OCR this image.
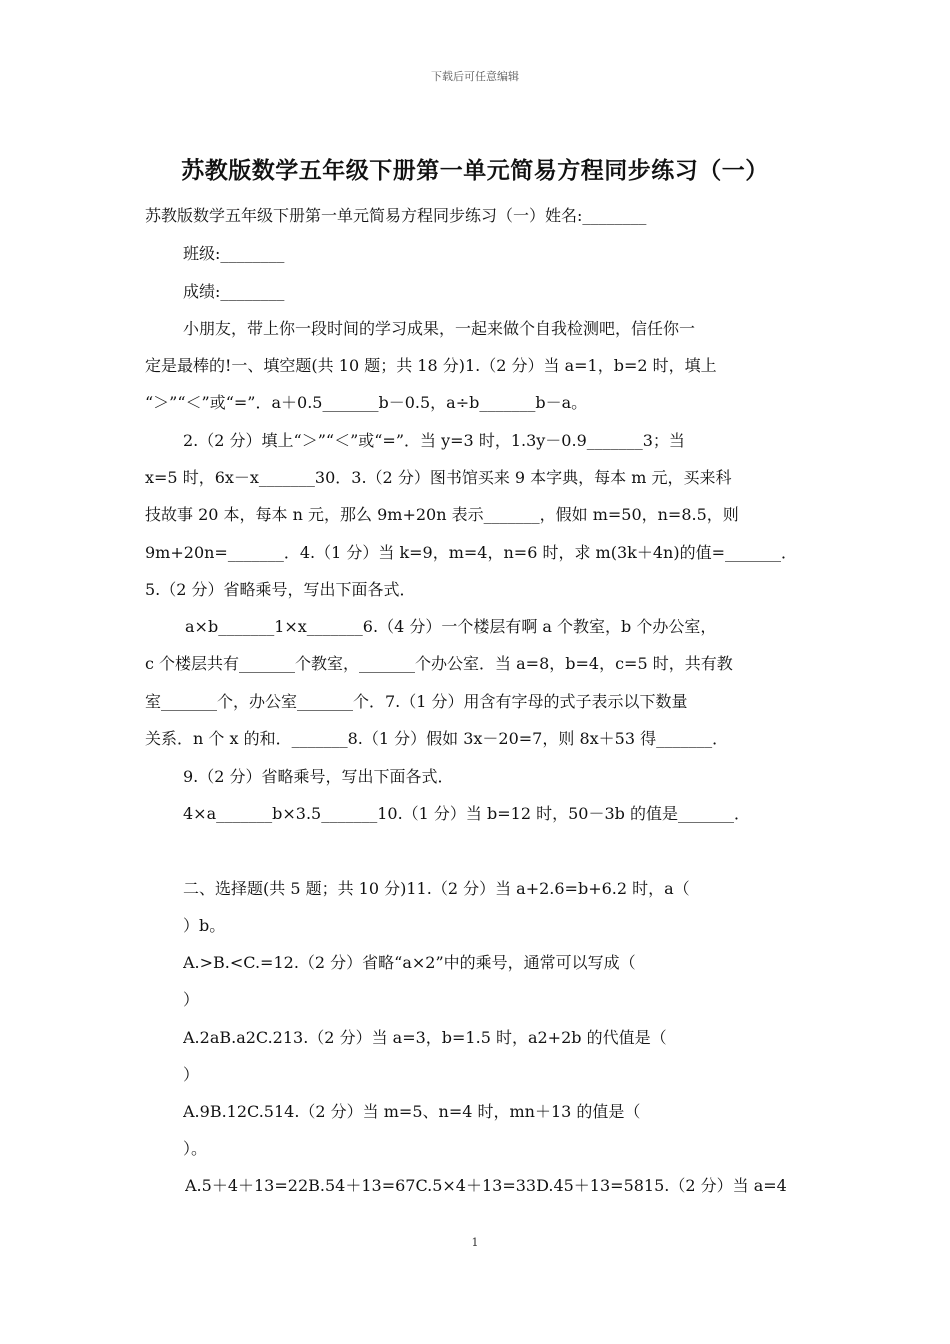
下载后可任意编辑
苏教版数学五年级下册第一单元简易方程同步练习（一）
苏教版数学五年级下册第一单元简易方程同步练习（一）姓名:________
班级:________
成绩:________
小朋友，带上你一段时间的学习成果，一起来做个自我检测吧，信任你一
定是最棒的!一、填空题(共 10 题；共 18 分)1.（2 分）当 a=1，b=2 时，填上
“＞”“＜”或“=”．a＋0.5_______b－0.5，a÷b_______b－a。
2.（2 分）填上“＞”“＜”或“=”．当 y=3 时，1.3y－0.9_______3；当
x=5 时，6x－x_______30．3.（2 分）图书馆买来 9 本字典，每本 m 元，买来科
技故事 20 本，每本 n 元，那么 9m+20n 表示_______，假如 m=50，n=8.5，则
9m+20n=_______．4.（1 分）当 k=9，m=4，n=6 时，求 m(3k＋4n)的值=_______．
5.（2 分）省略乘号，写出下面各式．
a×b_______1×x_______6.（4 分）一个楼层有啊 a 个教室，b 个办公室，
c 个楼层共有_______个教室，_______个办公室．当 a=8，b=4，c=5 时，共有教
室_______个，办公室_______个．7.（1 分）用含有字母的式子表示以下数量
关系．n 个 x 的和．_______8.（1 分）假如 3x－20=7，则 8x＋53 得_______．
9.（2 分）省略乘号，写出下面各式．
4×a_______b×3.5_______10.（1 分）当 b=12 时，50－3b 的值是_______．
二、选择题(共 5 题；共 10 分)11.（2 分）当 a+2.6=b+6.2 时，a（
）b。
A.>B.<C.=12.（2 分）省略“a×2”中的乘号，通常可以写成（
）
A.2aB.a2C.213.（2 分）当 a=3，b=1.5 时，a2+2b 的代值是（
）
A.9B.12C.514.（2 分）当 m=5、n=4 时，mn＋13 的值是（
）。
A.5＋4＋13=22B.54＋13=67C.5×4＋13=33D.45＋13=5815.（2 分）当 a=4
1
